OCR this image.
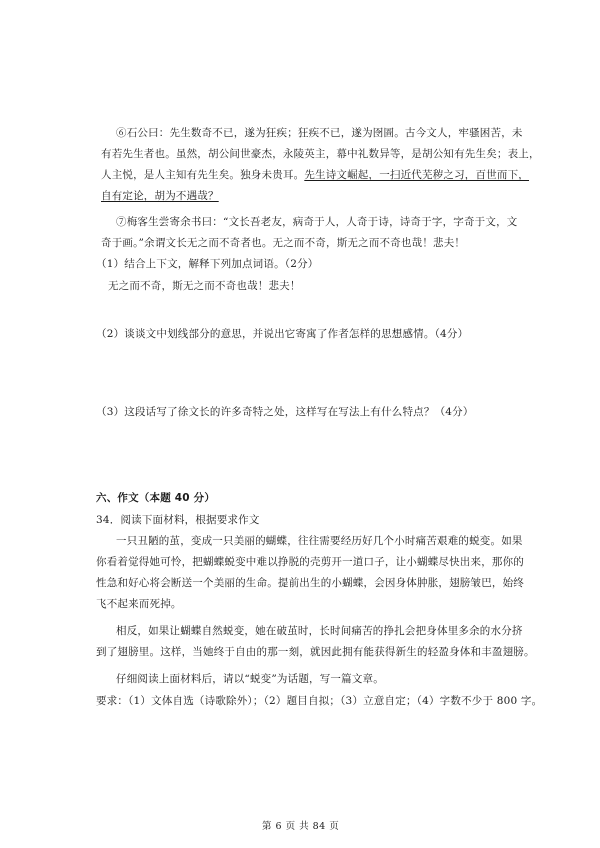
⑥石公曰：先生数奇不已，遂为狂疾；狂疾不已，遂为囹圄。古今文人，牢骚困苦，未
有若先生者也。虽然，胡公间世豪杰，永陵英主，幕中礼数异等，是胡公知有先生矣；表上，
人主悦，是人主知有先生矣。独身未贵耳。先生诗文崛起，一扫近代芜秽之习，百世而下，
自有定论，胡为不遇哉？
⑦梅客生尝寄余书曰：“文长吾老友，病奇于人，人奇于诗，诗奇于字，字奇于文，文
奇于画。”余谓文长无之而不奇者也。无之而不奇，斯无之而不奇也哉！悲夫！
（1）结合上下文，解释下列加点词语。（2分）
无之而不奇，斯无之而不奇也哉！悲夫！
（2）谈谈文中划线部分的意思，并说出它寄寓了作者怎样的思想感情。（4分）
（3）这段话写了徐文长的许多奇特之处，这样写在写法上有什么特点？（4分）
六、作文（本题 40 分）
34．阅读下面材料，根据要求作文
一只丑陋的茧，变成一只美丽的蝴蝶，往往需要经历好几个小时痛苦艰难的蜕变。如果
你看着觉得她可怜，把蝴蝶蜕变中难以挣脱的壳剪开一道口子，让小蝴蝶尽快出来，那你的
性急和好心将会断送一个美丽的生命。提前出生的小蝴蝶，会因身体肿胀，翅膀皱巴，始终
飞不起来而死掉。
相反，如果让蝴蝶自然蜕变，她在破茧时，长时间痛苦的挣扎会把身体里多余的水分挤
到了翅膀里。这样，当她终于自由的那一刻，就因此拥有能获得新生的轻盈身体和丰盈翅膀。
仔细阅读上面材料后，请以“蜕变”为话题，写一篇文章。
要求：（1）文体自选（诗歌除外）；（2）题目自拟；（3）立意自定；（4）字数不少于 800 字。
第 6 页 共 84 页
